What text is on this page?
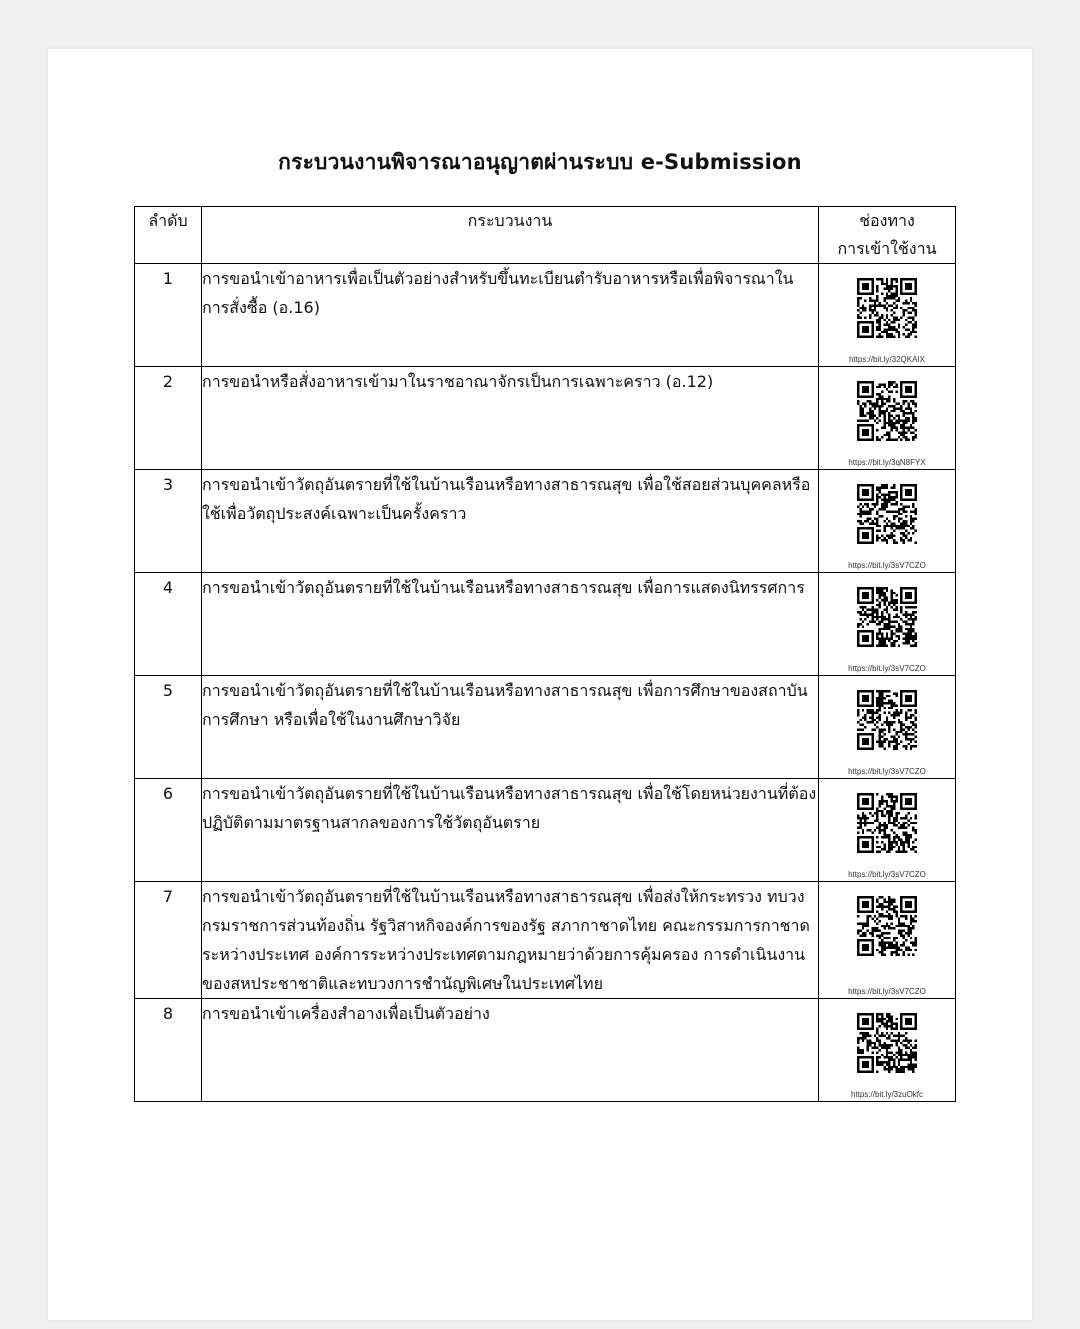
กระบวนงานพิจารณาอนุญาตผ่านระบบ e-Submission
ลำดับ	กระบวนงาน	ช่องทาง
การเข้าใช้งาน

1	การขอนำเข้าอาหารเพื่อเป็นตัวอย่างสำหรับขึ้นทะเบียนตำรับอาหารหรือเพื่อพิจารณาในการสั่งซื้อ (อ.16)	https://bit.ly/32QKAIX

2	การขอนำหรือสั่งอาหารเข้ามาในราชอาณาจักรเป็นการเฉพาะคราว (อ.12)	https://bit.ly/3qN8FYX

3	การขอนำเข้าวัตถุอันตรายที่ใช้ในบ้านเรือนหรือทางสาธารณสุข เพื่อใช้สอยส่วนบุคคลหรือใช้เพื่อวัตถุประสงค์เฉพาะเป็นครั้งคราว	https://bit.ly/3sV7CZO

4	การขอนำเข้าวัตถุอันตรายที่ใช้ในบ้านเรือนหรือทางสาธารณสุข เพื่อการแสดงนิทรรศการ	https://bit.ly/3sV7CZO

5	การขอนำเข้าวัตถุอันตรายที่ใช้ในบ้านเรือนหรือทางสาธารณสุข เพื่อการศึกษาของสถาบันการศึกษา หรือเพื่อใช้ในงานศึกษาวิจัย	https://bit.ly/3sV7CZO

6	การขอนำเข้าวัตถุอันตรายที่ใช้ในบ้านเรือนหรือทางสาธารณสุข เพื่อใช้โดยหน่วยงานที่ต้องปฏิบัติตามมาตรฐานสากลของการใช้วัตถุอันตราย	https://bit.ly/3sV7CZO

7	การขอนำเข้าวัตถุอันตรายที่ใช้ในบ้านเรือนหรือทางสาธารณสุข เพื่อส่งให้กระทรวง ทบวง กรมราชการส่วนท้องถิ่น รัฐวิสาหกิจองค์การของรัฐ สภากาชาดไทย คณะกรรมการกาชาดระหว่างประเทศ องค์การระหว่างประเทศตามกฎหมายว่าด้วยการคุ้มครอง การดำเนินงานของสหประชาชาติและทบวงการชำนัญพิเศษในประเทศไทย	https://bit.ly/3sV7CZO

8	การขอนำเข้าเครื่องสำอางเพื่อเป็นตัวอย่าง	https://bit.ly/3zuOkfc
